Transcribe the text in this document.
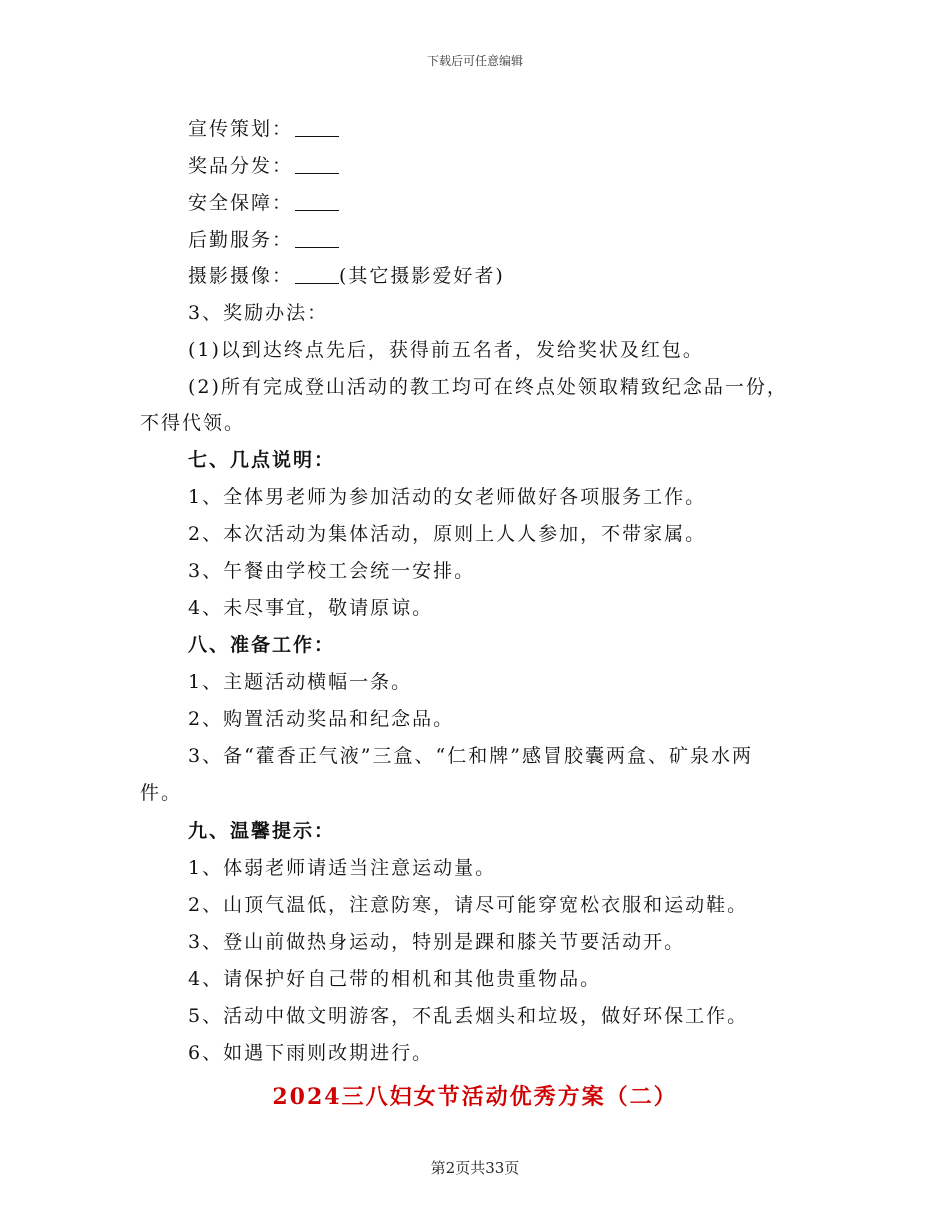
下载后可任意编辑
宣传策划：
奖品分发：
安全保障：
后勤服务：
摄影摄像： (其它摄影爱好者)
3、奖励办法：
(1)以到达终点先后，获得前五名者，发给奖状及红包。
(2)所有完成登山活动的教工均可在终点处领取精致纪念品一份，
不得代领。
七、几点说明：
1、全体男老师为参加活动的女老师做好各项服务工作。
2、本次活动为集体活动，原则上人人参加，不带家属。
3、午餐由学校工会统一安排。
4、未尽事宜，敬请原谅。
八、准备工作：
1、主题活动横幅一条。
2、购置活动奖品和纪念品。
3、备“藿香正气液”三盒、“仁和牌”感冒胶囊两盒、矿泉水两
件。
九、温馨提示：
1、体弱老师请适当注意运动量。
2、山顶气温低，注意防寒，请尽可能穿宽松衣服和运动鞋。
3、登山前做热身运动，特别是踝和膝关节要活动开。
4、请保护好自己带的相机和其他贵重物品。
5、活动中做文明游客，不乱丢烟头和垃圾，做好环保工作。
6、如遇下雨则改期进行。
2024三八妇女节活动优秀方案（二）
第2页共33页
